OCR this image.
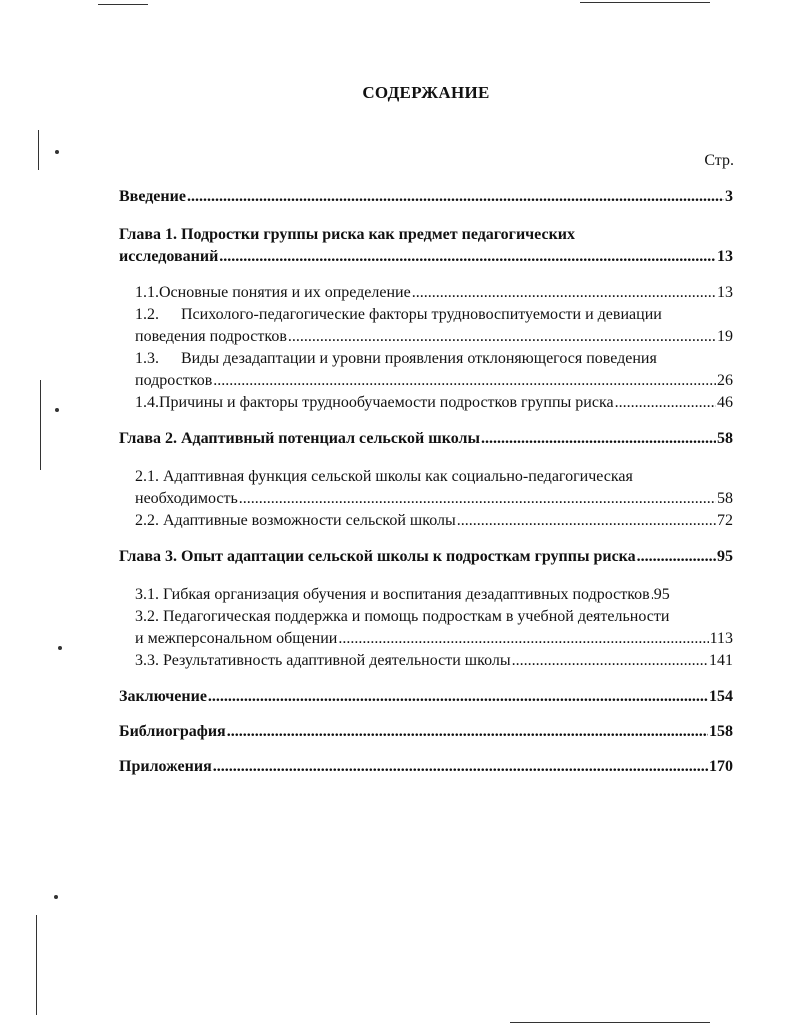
СОДЕРЖАНИЕ
Стр.
Введение . . .	3
Глава 1. Подростки группы риска как предмет педагогических
исследований . . .	13
1.1. Основные понятия и их определение . . .	13
1.2. Психолого-педагогические факторы трудновоспитуемости и девиации
поведения подростков . . .	19
1.3. Виды дезадаптации и уровни проявления отклоняющегося поведения
подростков . . .	26
1.4. Причины и факторы труднообучаемости подростков группы риска . . .	46
Глава 2. Адаптивный потенциал сельской школы . . .	58
2.1. Адаптивная функция сельской школы как социально-педагогическая
необходимость . . .	58
2.2. Адаптивные возможности сельской школы . . .	72
Глава 3. Опыт адаптации сельской школы к подросткам группы риска . . .	95
3.1. Гибкая организация обучения и воспитания дезадаптивных подростков . . . 95
3.2. Педагогическая поддержка и помощь подросткам в учебной деятельности
и межперсональном общении . . .	113
3.3. Результативность адаптивной деятельности школы . . .	141
Заключение . . .	154
Библиография . . .	158
Приложения . . .	170
